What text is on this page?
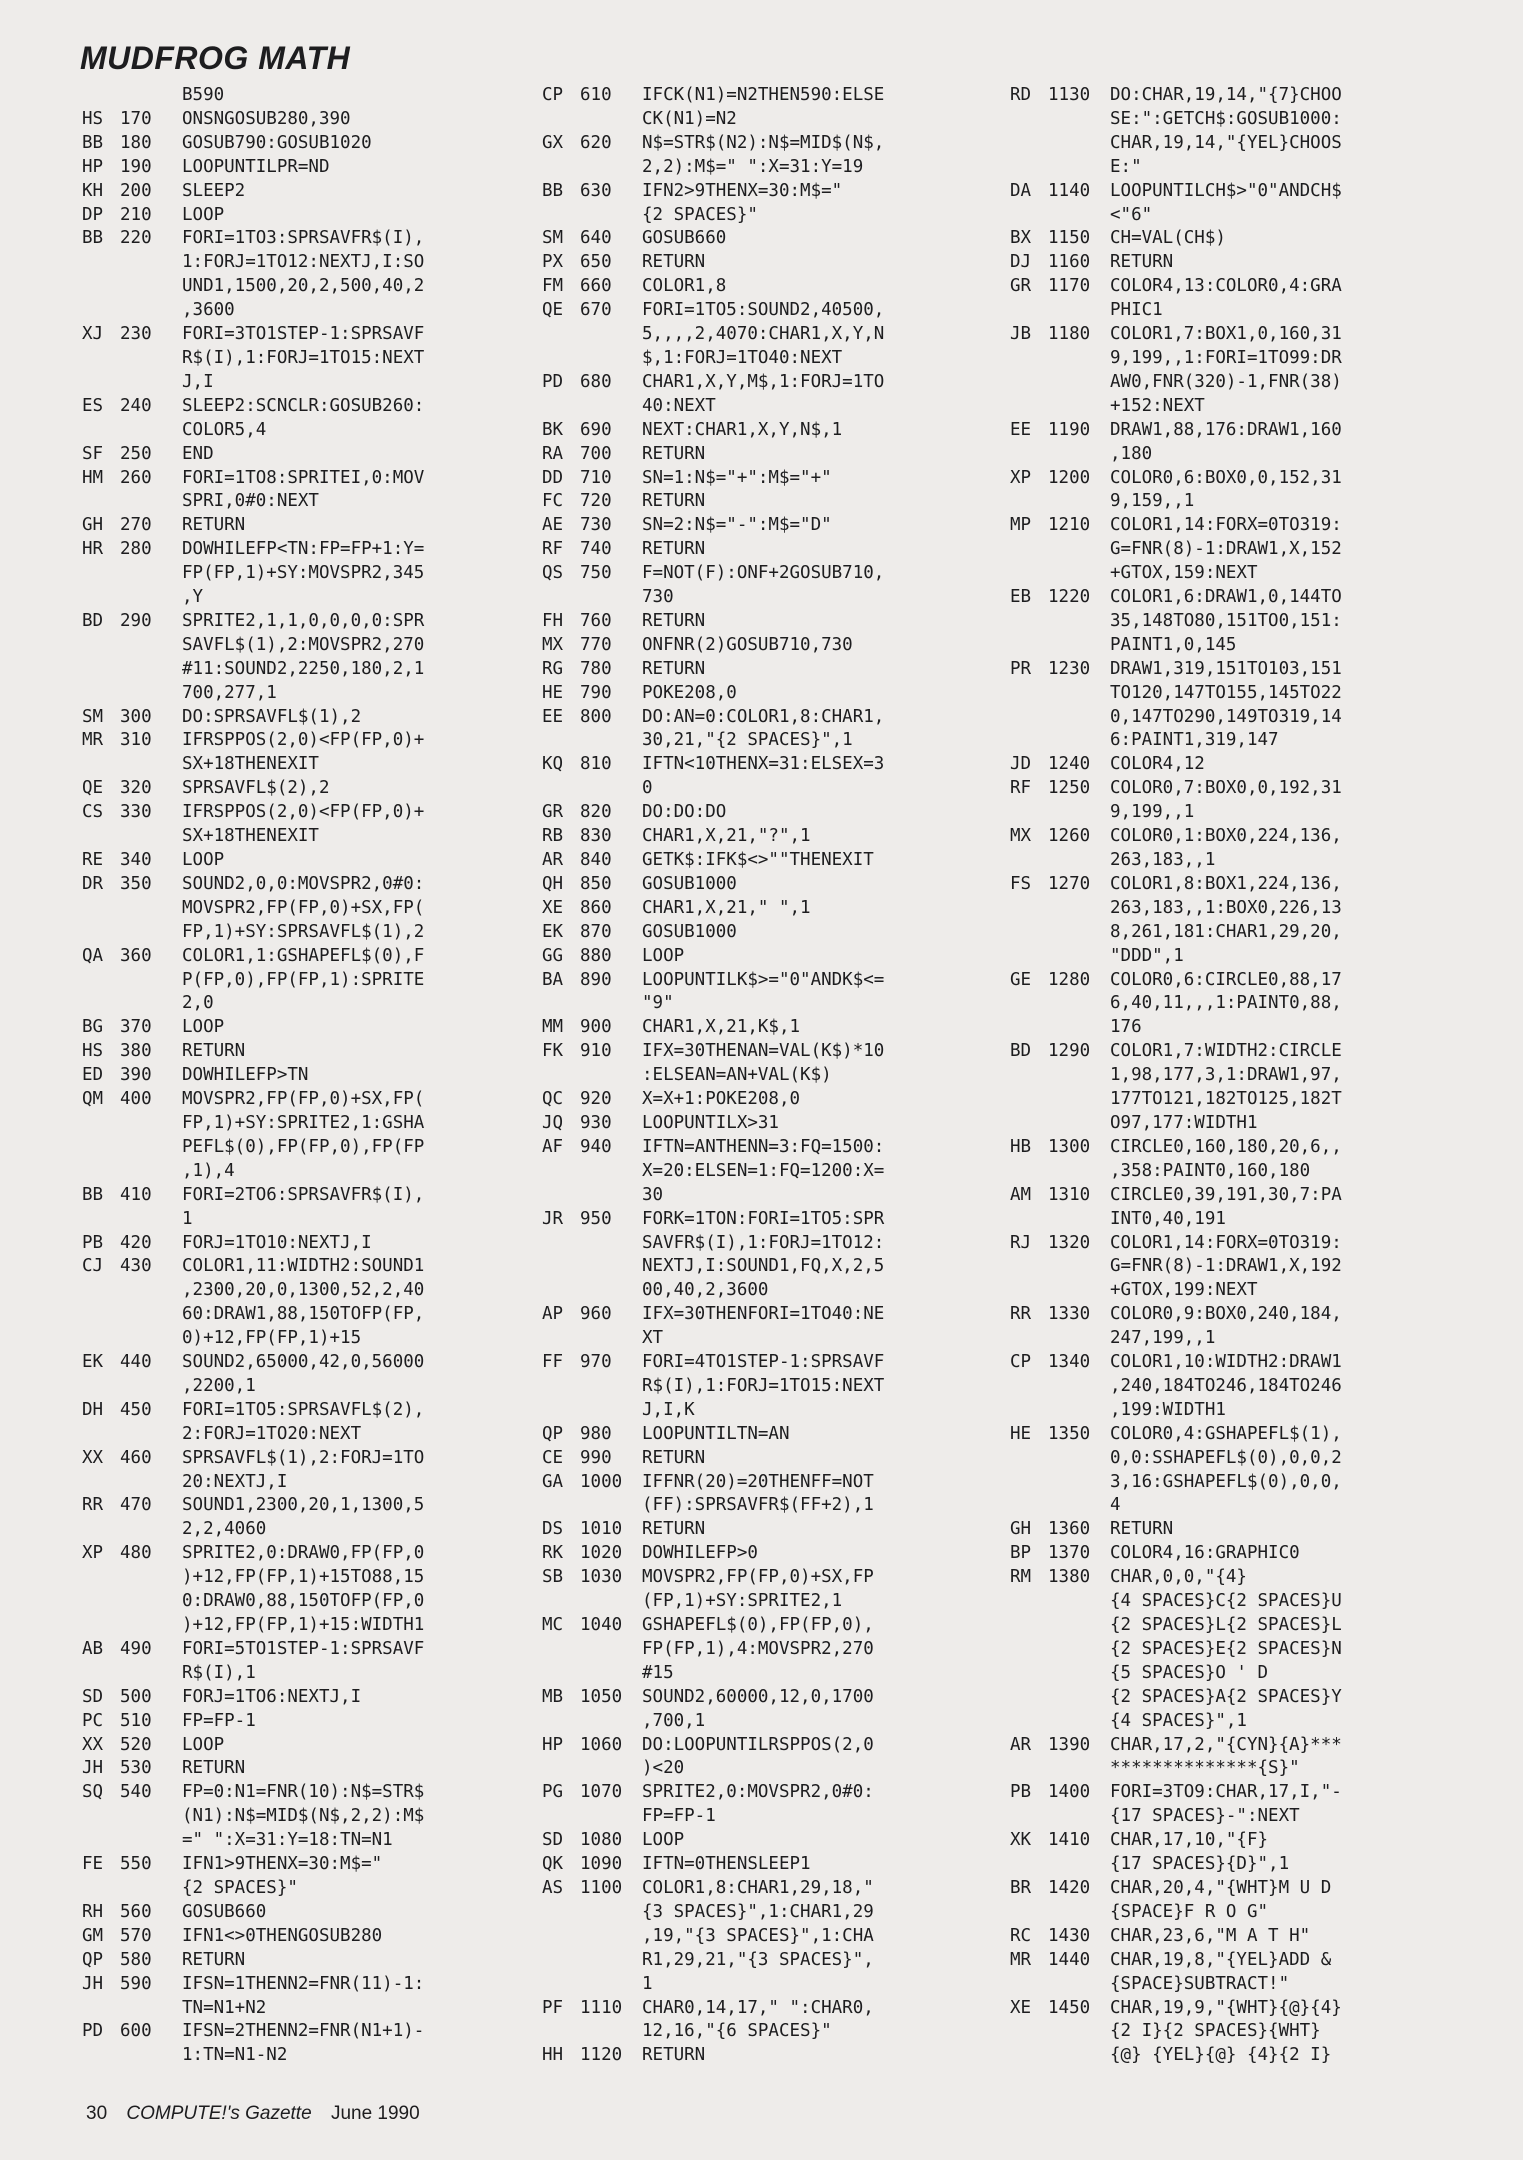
MUDFROG MATH
B590
HS 170	ONSNGOSUB280,390
BB 180	GOSUB790:GOSUB1020
HP 190	LOOPUNTILPR=ND
KH 200	SLEEP2
DP 210	LOOP
BB 220	FORI=1TO3:SPRSAVFR$(I),
1:FORJ=1TO12:NEXTJ,I:SO
UND1,1500,20,2,500,40,2
,3600
XJ 230	FORI=3TO1STEP-1:SPRSAVF
R$(I),1:FORJ=1TO15:NEXT
J,I
ES 240	SLEEP2:SCNCLR:GOSUB260:
COLOR5,4
SF 250	END
HM 260	FORI=1TO8:SPRITEI,0:MOV
SPRI,0#0:NEXT
GH 270	RETURN
HR 280	DOWHILEFP<TN:FP=FP+1:Y=
FP(FP,1)+SY:MOVSPR2,345
,Y
BD 290	SPRITE2,1,1,0,0,0,0:SPR
SAVFL$(1),2:MOVSPR2,270
#11:SOUND2,2250,180,2,1
700,277,1
SM 300	DO:SPRSAVFL$(1),2
MR 310	IFRSPPOS(2,0)<FP(FP,0)+
SX+18THENEXIT
QE 320	SPRSAVFL$(2),2
CS 330	IFRSPPOS(2,0)<FP(FP,0)+
SX+18THENEXIT
RE 340	LOOP
DR 350	SOUND2,0,0:MOVSPR2,0#0:
MOVSPR2,FP(FP,0)+SX,FP(
FP,1)+SY:SPRSAVFL$(1),2
QA 360	COLOR1,1:GSHAPEFL$(0),F
P(FP,0),FP(FP,1):SPRITE
2,0
BG 370	LOOP
HS 380	RETURN
ED 390	DOWHILEFP>TN
QM 400	MOVSPR2,FP(FP,0)+SX,FP(
FP,1)+SY:SPRITE2,1:GSHA
PEFL$(0),FP(FP,0),FP(FP
,1),4
BB 410	FORI=2TO6:SPRSAVFR$(I),
1
PB 420	FORJ=1TO10:NEXTJ,I
CJ 430	COLOR1,11:WIDTH2:SOUND1
,2300,20,0,1300,52,2,40
60:DRAW1,88,150TOFP(FP,
0)+12,FP(FP,1)+15
EK 440	SOUND2,65000,42,0,56000
,2200,1
DH 450	FORI=1TO5:SPRSAVFL$(2),
2:FORJ=1TO20:NEXT
XX 460	SPRSAVFL$(1),2:FORJ=1TO
20:NEXTJ,I
RR 470	SOUND1,2300,20,1,1300,5
2,2,4060
XP 480	SPRITE2,0:DRAW0,FP(FP,0
)+12,FP(FP,1)+15TO88,15
0:DRAW0,88,150TOFP(FP,0
)+12,FP(FP,1)+15:WIDTH1
AB 490	FORI=5TO1STEP-1:SPRSAVF
R$(I),1
SD 500	FORJ=1TO6:NEXTJ,I
PC 510	FP=FP-1
XX 520	LOOP
JH 530	RETURN
SQ 540	FP=0:N1=FNR(10):N$=STR$
(N1):N$=MID$(N$,2,2):M$
=" ":X=31:Y=18:TN=N1
FE 550	IFN1>9THENX=30:M$="
{2 SPACES}"
RH 560	GOSUB660
GM 570	IFN1<>0THENGOSUB280
QP 580	RETURN
JH 590	IFSN=1THENN2=FNR(11)-1:
TN=N1+N2
PD 600	IFSN=2THENN2=FNR(N1+1)-
1:TN=N1-N2
CP 610	IFCK(N1)=N2THEN590:ELSE
CK(N1)=N2
GX 620	N$=STR$(N2):N$=MID$(N$,
2,2):M$=" ":X=31:Y=19
BB 630	IFN2>9THENX=30:M$="
{2 SPACES}"
SM 640	GOSUB660
PX 650	RETURN
FM 660	COLOR1,8
QE 670	FORI=1TO5:SOUND2,40500,
5,,,,2,4070:CHAR1,X,Y,N
$,1:FORJ=1TO40:NEXT
PD 680	CHAR1,X,Y,M$,1:FORJ=1TO
40:NEXT
BK 690	NEXT:CHAR1,X,Y,N$,1
RA 700	RETURN
DD 710	SN=1:N$="+":M$="+"
FC 720	RETURN
AE 730	SN=2:N$="-":M$="D"
RF 740	RETURN
QS 750	F=NOT(F):ONF+2GOSUB710,
730
FH 760	RETURN
MX 770	ONFNR(2)GOSUB710,730
RG 780	RETURN
HE 790	POKE208,0
EE 800	DO:AN=0:COLOR1,8:CHAR1,
30,21,"{2 SPACES}",1
KQ 810	IFTN<10THENX=31:ELSEX=3
0
GR 820	DO:DO:DO
RB 830	CHAR1,X,21,"?",1
AR 840	GETK$:IFK$<>""THENEXIT
QH 850	GOSUB1000
XE 860	CHAR1,X,21," ",1
EK 870	GOSUB1000
GG 880	LOOP
BA 890	LOOPUNTILK$>="0"ANDK$<=
"9"
MM 900	CHAR1,X,21,K$,1
FK 910	IFX=30THENAN=VAL(K$)*10
:ELSEAN=AN+VAL(K$)
QC 920	X=X+1:POKE208,0
JQ 930	LOOPUNTILX>31
AF 940	IFTN=ANTHENN=3:FQ=1500:
X=20:ELSEN=1:FQ=1200:X=
30
JR 950	FORK=1TON:FORI=1TO5:SPR
SAVFR$(I),1:FORJ=1TO12:
NEXTJ,I:SOUND1,FQ,X,2,5
00,40,2,3600
AP 960	IFX=30THENFORI=1TO40:NE
XT
FF 970	FORI=4TO1STEP-1:SPRSAVF
R$(I),1:FORJ=1TO15:NEXT
J,I,K
QP 980	LOOPUNTILTN=AN
CE 990	RETURN
GA 1000	IFFNR(20)=20THENFF=NOT
(FF):SPRSAVFR$(FF+2),1
DS 1010	RETURN
RK 1020	DOWHILEFP>0
SB 1030	MOVSPR2,FP(FP,0)+SX,FP
(FP,1)+SY:SPRITE2,1
MC 1040	GSHAPEFL$(0),FP(FP,0),
FP(FP,1),4:MOVSPR2,270
#15
MB 1050	SOUND2,60000,12,0,1700
,700,1
HP 1060	DO:LOOPUNTILRSPPOS(2,0
)<20
PG 1070	SPRITE2,0:MOVSPR2,0#0:
FP=FP-1
SD 1080	LOOP
QK 1090	IFTN=0THENSLEEP1
AS 1100	COLOR1,8:CHAR1,29,18,"
{3 SPACES}",1:CHAR1,29
,19,"{3 SPACES}",1:CHA
R1,29,21,"{3 SPACES}",
1
PF 1110	CHAR0,14,17," ":CHAR0,
12,16,"{6 SPACES}"
HH 1120	RETURN
RD 1130	DO:CHAR,19,14,"{7}CHOO
SE:":GETCH$:GOSUB1000:
CHAR,19,14,"{YEL}CHOOS
E:"
DA 1140	LOOPUNTILCH$>"0"ANDCH$
<"6"
BX 1150	CH=VAL(CH$)
DJ 1160	RETURN
GR 1170	COLOR4,13:COLOR0,4:GRA
PHIC1
JB 1180	COLOR1,7:BOX1,0,160,31
9,199,,1:FORI=1TO99:DR
AW0,FNR(320)-1,FNR(38)
+152:NEXT
EE 1190	DRAW1,88,176:DRAW1,160
,180
XP 1200	COLOR0,6:BOX0,0,152,31
9,159,,1
MP 1210	COLOR1,14:FORX=0TO319:
G=FNR(8)-1:DRAW1,X,152
+GTOX,159:NEXT
EB 1220	COLOR1,6:DRAW1,0,144TO
35,148TO80,151TO0,151:
PAINT1,0,145
PR 1230	DRAW1,319,151TO103,151
TO120,147TO155,145TO22
0,147TO290,149TO319,14
6:PAINT1,319,147
JD 1240	COLOR4,12
RF 1250	COLOR0,7:BOX0,0,192,31
9,199,,1
MX 1260	COLOR0,1:BOX0,224,136,
263,183,,1
FS 1270	COLOR1,8:BOX1,224,136,
263,183,,1:BOX0,226,13
8,261,181:CHAR1,29,20,
"DDD",1
GE 1280	COLOR0,6:CIRCLE0,88,17
6,40,11,,,1:PAINT0,88,
176
BD 1290	COLOR1,7:WIDTH2:CIRCLE
1,98,177,3,1:DRAW1,97,
177TO121,182TO125,182T
O97,177:WIDTH1
HB 1300	CIRCLE0,160,180,20,6,,
,358:PAINT0,160,180
AM 1310	CIRCLE0,39,191,30,7:PA
INT0,40,191
RJ 1320	COLOR1,14:FORX=0TO319:
G=FNR(8)-1:DRAW1,X,192
+GTOX,199:NEXT
RR 1330	COLOR0,9:BOX0,240,184,
247,199,,1
CP 1340	COLOR1,10:WIDTH2:DRAW1
,240,184TO246,184TO246
,199:WIDTH1
HE 1350	COLOR0,4:GSHAPEFL$(1),
0,0:SSHAPEFL$(0),0,0,2
3,16:GSHAPEFL$(0),0,0,
4
GH 1360	RETURN
BP 1370	COLOR4,16:GRAPHIC0
RM 1380	CHAR,0,0,"{4}
{4 SPACES}C{2 SPACES}U
{2 SPACES}L{2 SPACES}L
{2 SPACES}E{2 SPACES}N
{5 SPACES}O ' D
{2 SPACES}A{2 SPACES}Y
{4 SPACES}",1
AR 1390	CHAR,17,2,"{CYN}{A}***
**************{S}"
PB 1400	FORI=3TO9:CHAR,17,I,"-
{17 SPACES}-":NEXT
XK 1410	CHAR,17,10,"{F}
{17 SPACES}{D}",1
BR 1420	CHAR,20,4,"{WHT}M U D
{SPACE}F R O G"
RC 1430	CHAR,23,6,"M A T H"
MR 1440	CHAR,19,8,"{YEL}ADD &
{SPACE}SUBTRACT!"
XE 1450	CHAR,19,9,"{WHT}{@}{4}
{2 I}{2 SPACES}{WHT}
{@} {YEL}{@} {4}{2 I}
30 COMPUTE!'s Gazette June 1990
